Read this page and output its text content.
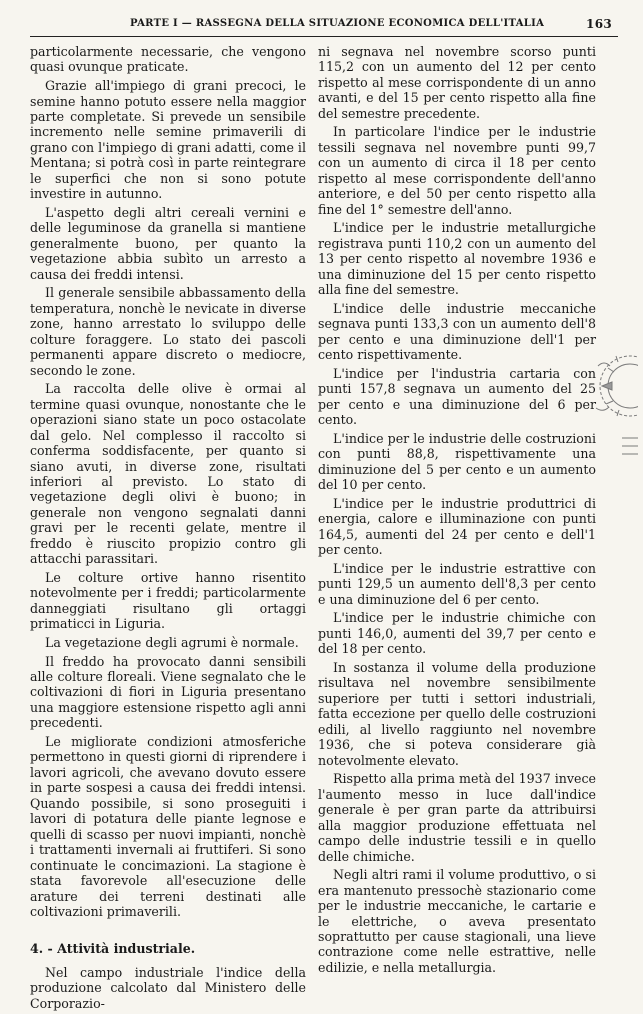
PARTE I — RASSEGNA DELLA SITUAZIONE ECONOMICA DELL'ITALIA	163

particolarmente necessarie, che vengono quasi ovunque praticate.

Grazie all'impiego di grani precoci, le semine hanno potuto essere nella maggior parte completate. Si prevede un sensibile incremento nelle semine primaverili di grano con l'impiego di grani adatti, come il Mentana; si potrà così in parte reintegrare le superfici che non si sono potute investire in autunno.

L'aspetto degli altri cereali vernini e delle leguminose da granella si mantiene generalmente buono, per quanto la vegetazione abbia subìto un arresto a causa dei freddi intensi.

Il generale sensibile abbassamento della temperatura, nonchè le nevicate in diverse zone, hanno arrestato lo sviluppo delle colture foraggere. Lo stato dei pascoli permanenti appare discreto o mediocre, secondo le zone.

La raccolta delle olive è ormai al termine quasi ovunque, nonostante che le operazioni siano state un poco ostacolate dal gelo. Nel complesso il raccolto si conferma soddisfacente, per quanto si siano avuti, in diverse zone, risultati inferiori al previsto. Lo stato di vegetazione degli olivi è buono; in generale non vengono segnalati danni gravi per le recenti gelate, mentre il freddo è riuscito propizio contro gli attacchi parassitari.

Le colture ortive hanno risentito notevolmente per i freddi; particolarmente danneggiati risultano gli ortaggi primaticci in Liguria.

La vegetazione degli agrumi è normale.

Il freddo ha provocato danni sensibili alle colture floreali. Viene segnalato che le coltivazioni di fiori in Liguria presentano una maggiore estensione rispetto agli anni precedenti.

Le migliorate condizioni atmosferiche permettono in questi giorni di riprendere i lavori agricoli, che avevano dovuto essere in parte sospesi a causa dei freddi intensi. Quando possibile, si sono proseguiti i lavori di potatura delle piante legnose e quelli di scasso per nuovi impianti, nonchè i trattamenti invernali ai fruttiferi. Si sono continuate le concimazioni. La stagione è stata favorevole all'esecuzione delle arature dei terreni destinati alle coltivazioni primaverili.

4. - Attività industriale.

Nel campo industriale l'indice della produzione calcolato dal Ministero delle Corporazio-

ni segnava nel novembre scorso punti 115,2 con un aumento del 12 per cento rispetto al mese corrispondente di un anno avanti, e del 15 per cento rispetto alla fine del semestre precedente.

In particolare l'indice per le industrie tessili segnava nel novembre punti 99,7 con un aumento di circa il 18 per cento rispetto al mese corrispondente dell'anno anteriore, e del 50 per cento rispetto alla fine del 1° semestre dell'anno.

L'indice per le industrie metallurgiche registrava punti 110,2 con un aumento del 13 per cento rispetto al novembre 1936 e una diminuzione del 15 per cento rispetto alla fine del semestre.

L'indice delle industrie meccaniche segnava punti 133,3 con un aumento dell'8 per cento e una diminuzione dell'1 per cento rispettivamente.

L'indice per l'industria cartaria con punti 157,8 segnava un aumento del 25 per cento e una diminuzione del 6 per cento.

L'indice per le industrie delle costruzioni con punti 88,8, rispettivamente una diminuzione del 5 per cento e un aumento del 10 per cento.

L'indice per le industrie produttrici di energia, calore e illuminazione con punti 164,5, aumenti del 24 per cento e dell'1 per cento.

L'indice per le industrie estrattive con punti 129,5 un aumento dell'8,3 per cento e una diminuzione del 6 per cento.

L'indice per le industrie chimiche con punti 146,0, aumenti del 39,7 per cento e del 18 per cento.

In sostanza il volume della produzione risultava nel novembre sensibilmente superiore per tutti i settori industriali, fatta eccezione per quello delle costruzioni edili, al livello raggiunto nel novembre 1936, che si poteva considerare già notevolmente elevato.

Rispetto alla prima metà del 1937 invece l'aumento messo in luce dall'indice generale è per gran parte da attribuirsi alla maggior produzione effettuata nel campo delle industrie tessili e in quello delle chimiche.

Negli altri rami il volume produttivo, o si era mantenuto pressochè stazionario come per le industrie meccaniche, le cartarie e le elettriche, o aveva presentato soprattutto per cause stagionali, una lieve contrazione come nelle estrattive, nelle edilizie, e nella metallurgia.
